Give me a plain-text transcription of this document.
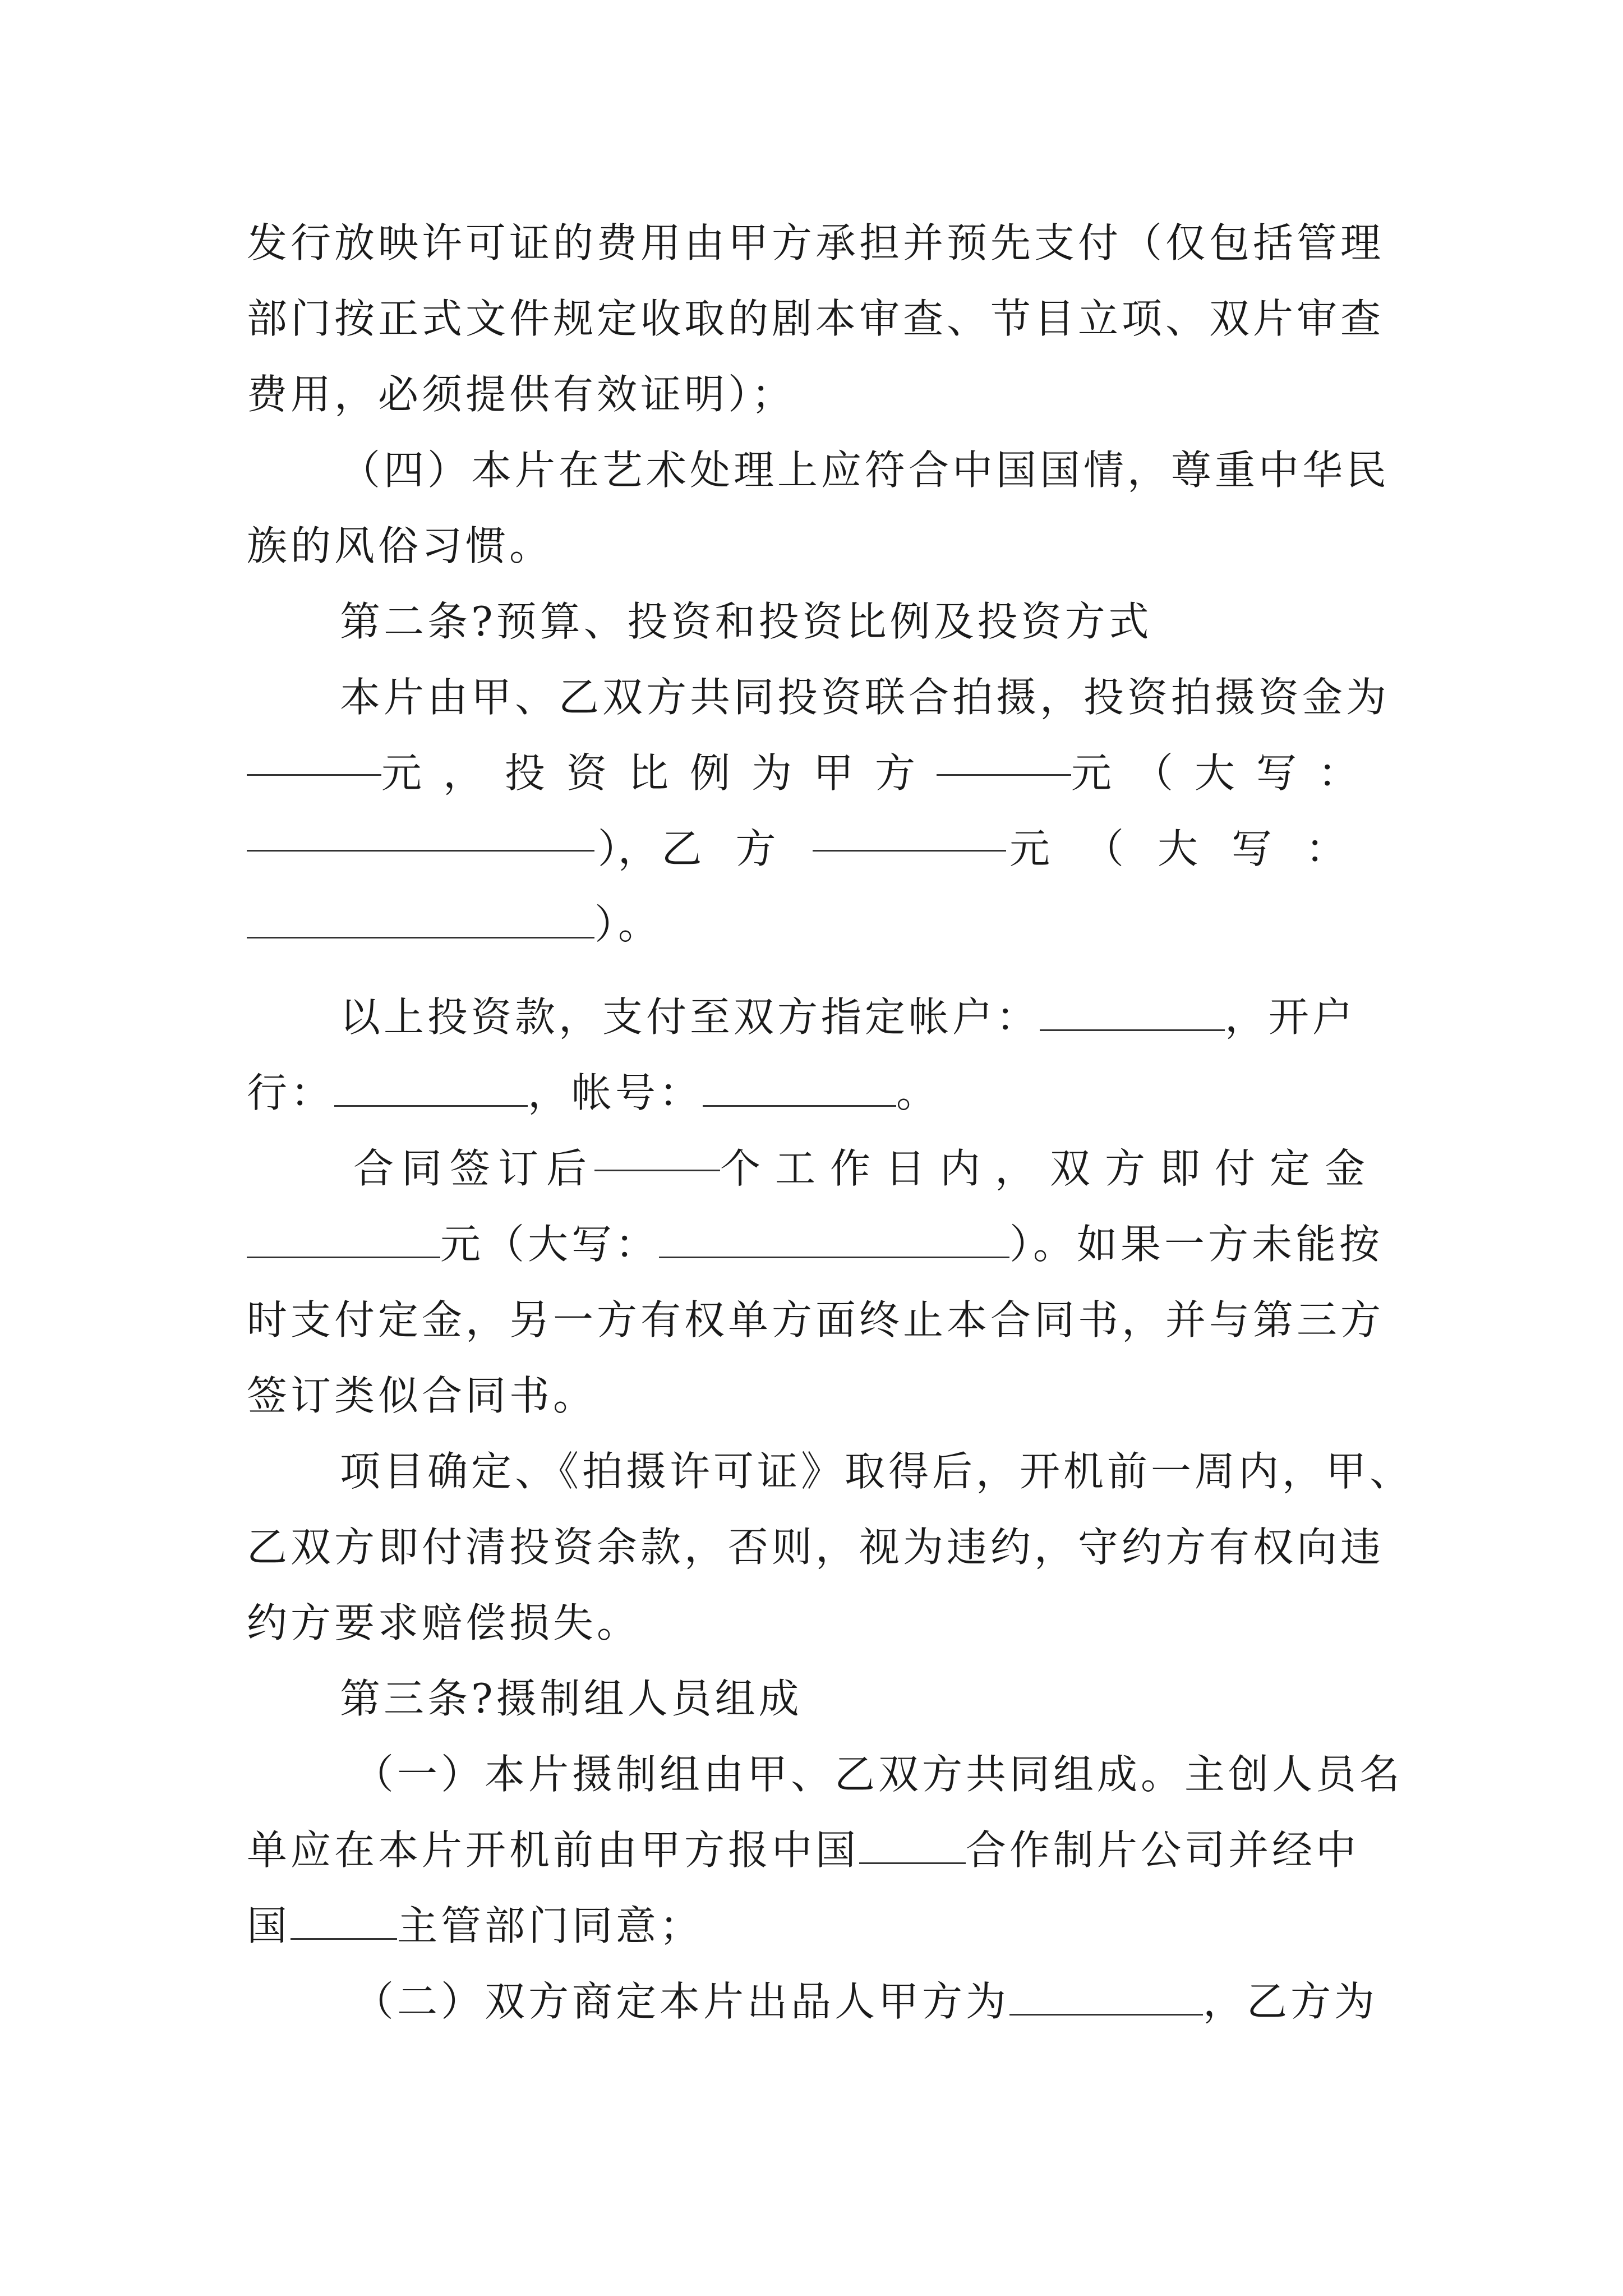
发行放映许可证的费用由甲方承担并预先支付（仅包括管理
部门按正式文件规定收取的剧本审查、节目立项、双片审查
费用，必须提供有效证明）；
（四）本片在艺术处理上应符合中国国情，尊重中华民
族的风俗习惯。
第二条?预算、投资和投资比例及投资方式
本片由甲、乙双方共同投资联合拍摄，投资拍摄资金为
元，投资比例为甲方	元（大写：
）， 乙方	元（大写：
）。
以上投资款，支付至双方指定帐户：	，开户
行：	，帐号：	。
合同签订后	个工作日内，双方即付定金
元（大写：	）。如果一方未能按
时支付定金，另一方有权单方面终止本合同书，并与第三方
签订类似合同书。
项目确定、《拍摄许可证》取得后，开机前一周内，甲、
乙双方即付清投资余款，否则，视为违约，守约方有权向违
约方要求赔偿损失。
第三条?摄制组人员组成
（一）本片摄制组由甲、乙双方共同组成。主创人员名
单应在本片开机前由甲方报中国	合作制片公司并经中
国	主管部门同意；
（二）双方商定本片出品人甲方为	，乙方为
